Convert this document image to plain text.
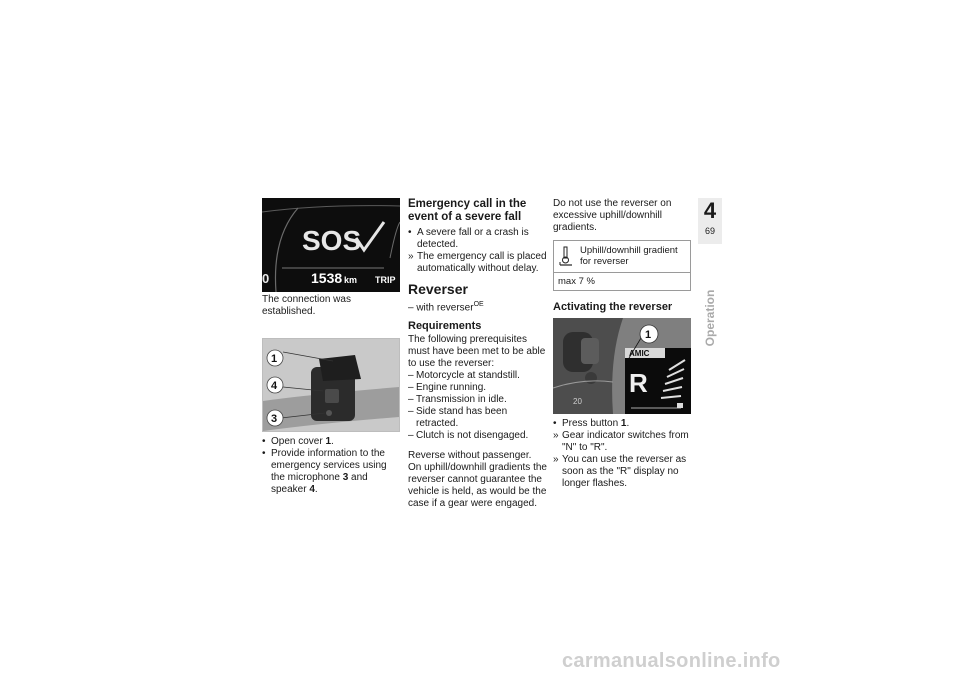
SOS
0	1538 km TRIP
The connection was established.
1
4
3
• Open cover 1.
• Provide information to the emergency services using the microphone 3 and speaker 4.
Emergency call in the event of a severe fall
• A severe fall or a crash is detected.
» The emergency call is placed automatically without delay.
Reverser
– with reverser$^{OE}$
Requirements
The following prerequisites must have been met to be able to use the reverser:
– Motorcycle at standstill.
– Engine running.
– Transmission in idle.
– Side stand has been retracted.
– Clutch is not disengaged.
Reverse without passenger.
On uphill/downhill gradients the reverser cannot guarantee the vehicle is held, as would be the case if a gear were engaged.
Do not use the reverser on excessive uphill/downhill gradients.
Uphill/downhill gradient for reverser
max 7 %
Activating the reverser
20
AMIC
R
1
• Press button 1.
» Gear indicator switches from "N" to "R".
» You can use the reverser as soon as the "R" display no longer flashes.
4
69
Operation
carmanualsonline.info
